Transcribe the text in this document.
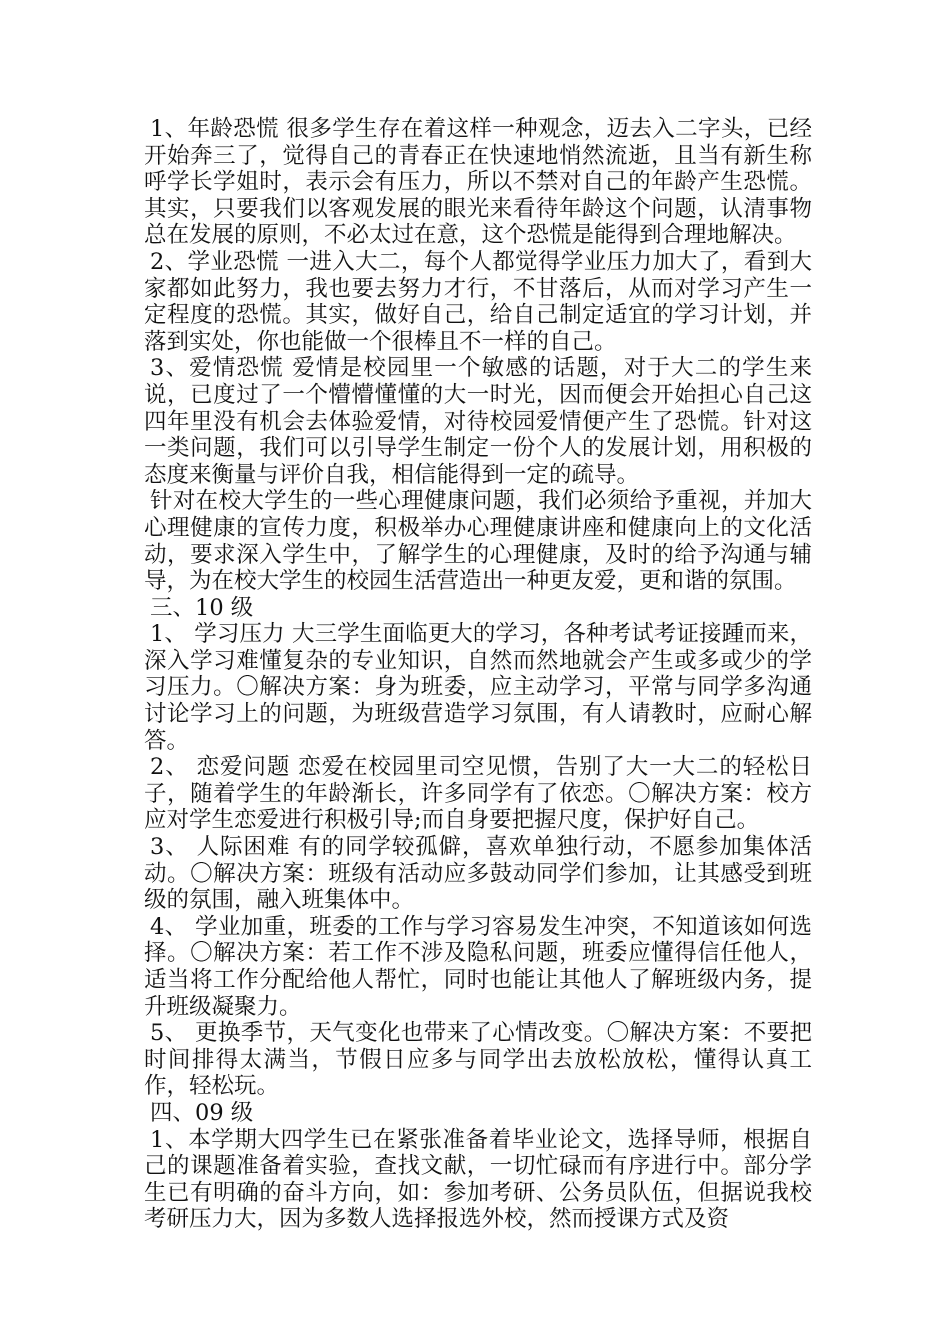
1、年龄恐慌 很多学生存在着这样一种观念，迈去入二字头，已经开始奔三了，觉得自己的青春正在快速地悄然流逝，且当有新生称呼学长学姐时，表示会有压力，所以不禁对自己的年龄产生恐慌。其实，只要我们以客观发展的眼光来看待年龄这个问题，认清事物总在发展的原则，不必太过在意，这个恐慌是能得到合理地解决。

2、学业恐慌 一进入大二，每个人都觉得学业压力加大了，看到大家都如此努力，我也要去努力才行，不甘落后，从而对学习产生一定程度的恐慌。其实，做好自己，给自己制定适宜的学习计划，并落到实处，你也能做一个很棒且不一样的自己。

3、爱情恐慌 爱情是校园里一个敏感的话题，对于大二的学生来说，已度过了一个懵懵懂懂的大一时光，因而便会开始担心自己这四年里没有机会去体验爱情，对待校园爱情便产生了恐慌。针对这一类问题，我们可以引导学生制定一份个人的发展计划，用积极的态度来衡量与评价自我，相信能得到一定的疏导。

针对在校大学生的一些心理健康问题，我们必须给予重视，并加大心理健康的宣传力度，积极举办心理健康讲座和健康向上的文化活动，要求深入学生中，了解学生的心理健康，及时的给予沟通与辅导，为在校大学生的校园生活营造出一种更友爱，更和谐的氛围。

三、10 级

1、 学习压力 大三学生面临更大的学习，各种考试考证接踵而来，深入学习难懂复杂的专业知识，自然而然地就会产生或多或少的学习压力。〇解决方案：身为班委，应主动学习，平常与同学多沟通讨论学习上的问题，为班级营造学习氛围，有人请教时，应耐心解答。

2、 恋爱问题 恋爱在校园里司空见惯，告别了大一大二的轻松日子，随着学生的年龄渐长，许多同学有了依恋。〇解决方案：校方应对学生恋爱进行积极引导;而自身要把握尺度，保护好自己。

3、 人际困难 有的同学较孤僻，喜欢单独行动，不愿参加集体活动。〇解决方案：班级有活动应多鼓动同学们参加，让其感受到班级的氛围，融入班集体中。

4、 学业加重，班委的工作与学习容易发生冲突，不知道该如何选择。〇解决方案：若工作不涉及隐私问题，班委应懂得信任他人，适当将工作分配给他人帮忙，同时也能让其他人了解班级内务，提升班级凝聚力。

5、 更换季节，天气变化也带来了心情改变。〇解决方案：不要把时间排得太满当，节假日应多与同学出去放松放松，懂得认真工作，轻松玩。

四、09 级

1、本学期大四学生已在紧张准备着毕业论文，选择导师，根据自己的课题准备着实验，查找文献，一切忙碌而有序进行中。部分学生已有明确的奋斗方向，如：参加考研、公务员队伍，但据说我校考研压力大，因为多数人选择报选外校，然而授课方式及资
